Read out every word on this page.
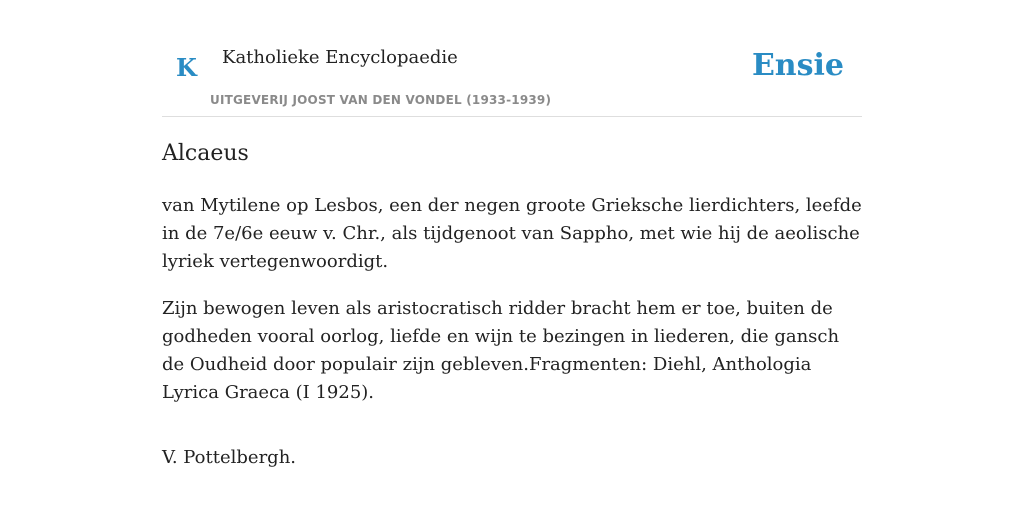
K Katholieke Encyclopaedie
UITGEVERIJ JOOST VAN DEN VONDEL (1933-1939)
Ensie
Alcaeus

van Mytilene op Lesbos, een der negen groote Grieksche lierdichters, leefde in de 7e/6e eeuw v. Chr., als tijdgenoot van Sappho, met wie hij de aeolische lyriek vertegenwoordigt.

Zijn bewogen leven als aristocratisch ridder bracht hem er toe, buiten de godheden vooral oorlog, liefde en wijn te bezingen in liederen, die gansch de Oudheid door populair zijn gebleven.Fragmenten: Diehl, Anthologia Lyrica Graeca (I 1925).

V. Pottelbergh.
